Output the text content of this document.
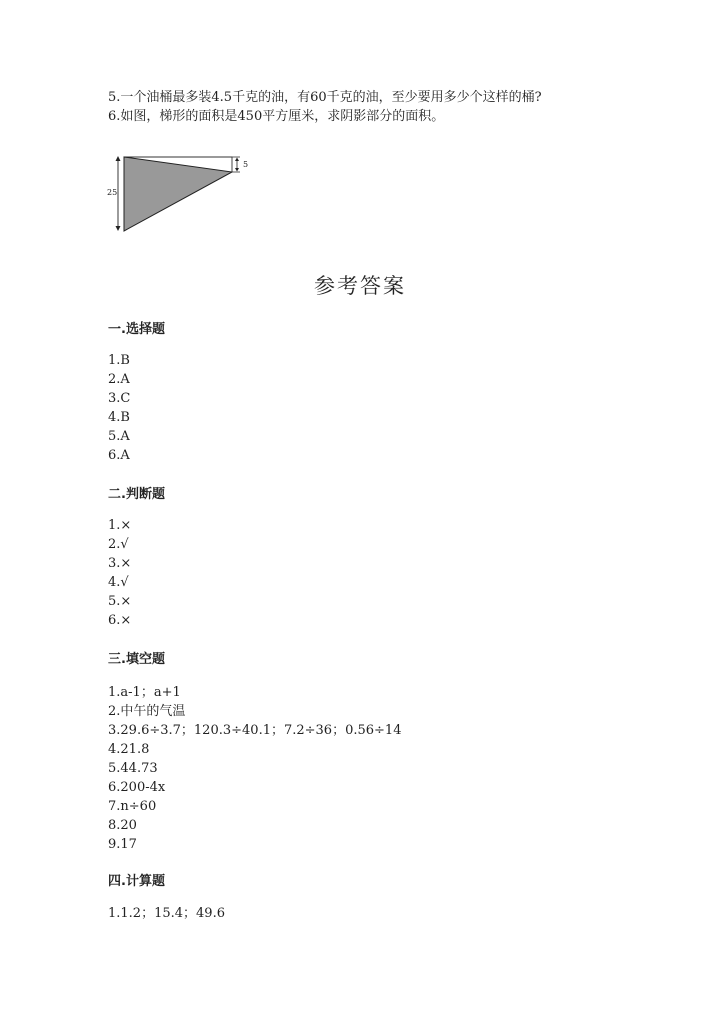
5.一个油桶最多装4.5千克的油，有60千克的油，至少要用多少个这样的桶?
6.如图，梯形的面积是450平方厘米，求阴影部分的面积。
25
5
参考答案
一.选择题
1.B
2.A
3.C
4.B
5.A
6.A
二.判断题
1.×
2.√
3.×
4.√
5.×
6.×
三.填空题
1.a-1；a+1
2.中午的气温
3.29.6÷3.7；120.3÷40.1；7.2÷36；0.56÷14
4.21.8
5.44.73
6.200-4x
7.n÷60
8.20
9.17
四.计算题
1.1.2；15.4；49.6
